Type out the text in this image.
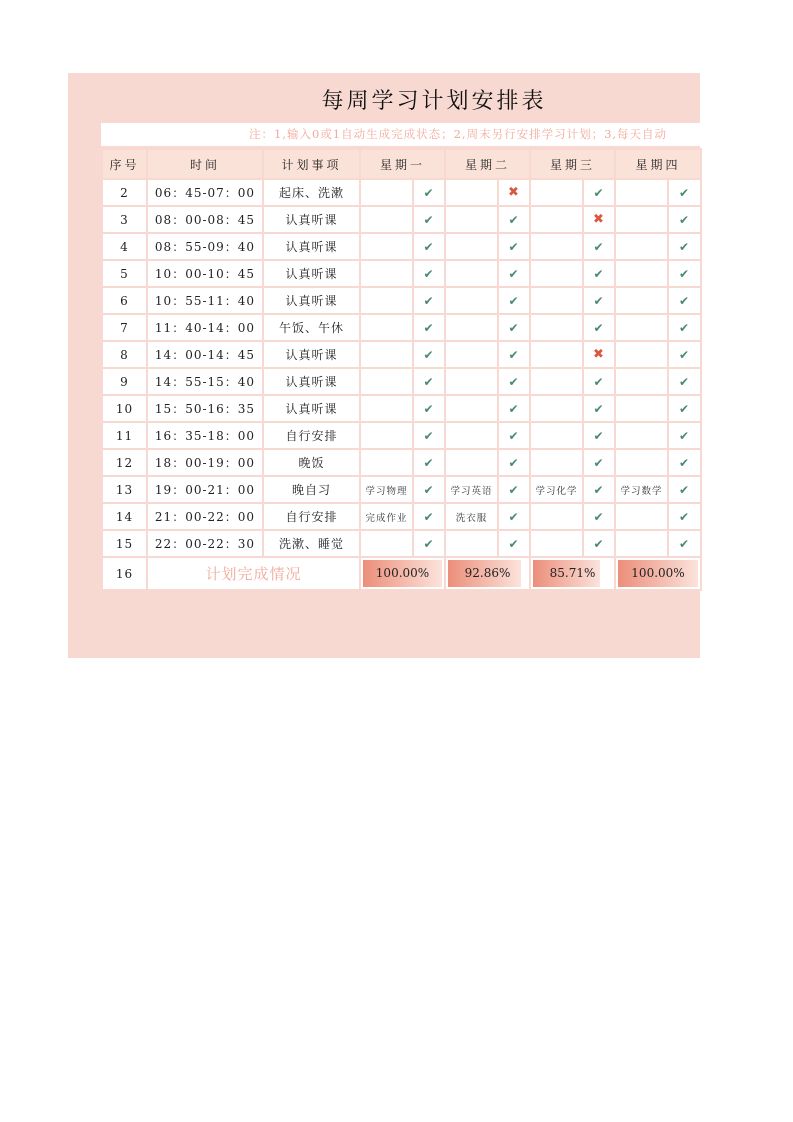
每周学习计划安排表
注：1,输入0或1自动生成完成状态；2,周末另行安排学习计划；3,每天自动
序号	时间	计划事项	星期一		星期二		星期三		星期四	
2	06：45-07：00	起床、洗漱		✔		✖		✔		✔
3	08：00-08：45	认真听课		✔		✔		✖		✔
4	08：55-09：40	认真听课		✔		✔		✔		✔
5	10：00-10：45	认真听课		✔		✔		✔		✔
6	10：55-11：40	认真听课		✔		✔		✔		✔
7	11：40-14：00	午饭、午休		✔		✔		✔		✔
8	14：00-14：45	认真听课		✔		✔		✖		✔
9	14：55-15：40	认真听课		✔		✔		✔		✔
10	15：50-16：35	认真听课		✔		✔		✔		✔
11	16：35-18：00	自行安排		✔		✔		✔		✔
12	18：00-19：00	晚饭		✔		✔		✔		✔
13	19：00-21：00	晚自习	学习物理	✔	学习英语	✔	学习化学	✔	学习数学	✔
14	21：00-22：00	自行安排	完成作业	✔	洗衣服	✔		✔		✔
15	22：00-22：30	洗漱、睡觉		✔		✔		✔		✔
16	计划完成情况		100.00%		92.86%		85.71%		100.00%	
